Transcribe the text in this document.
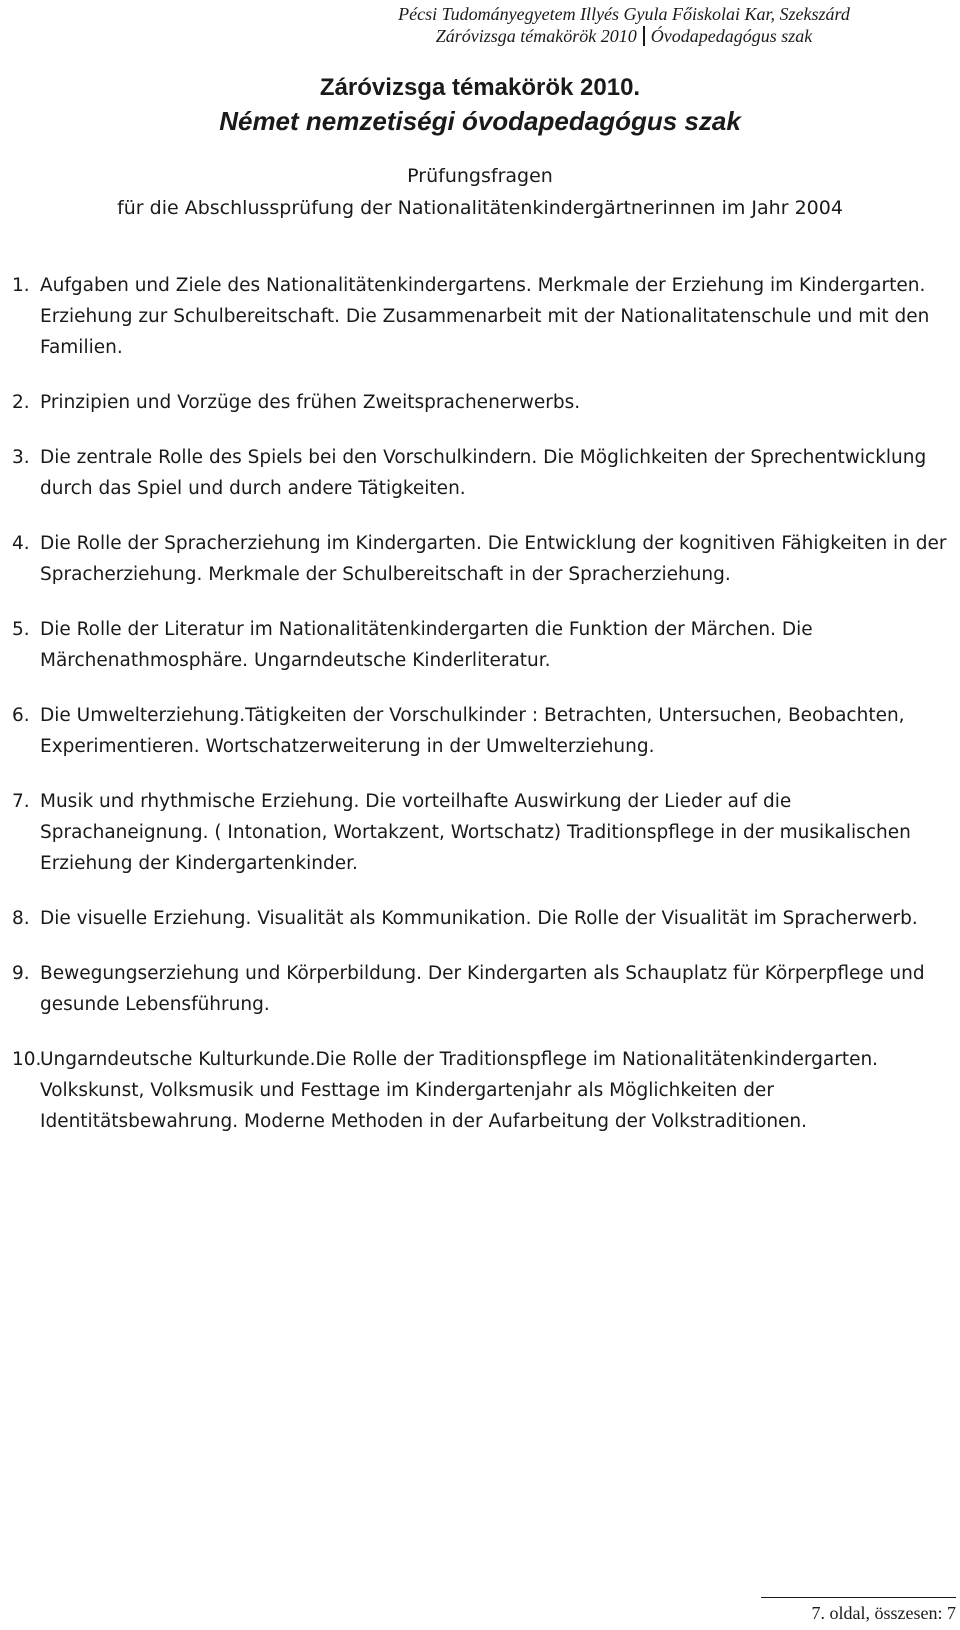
Pécsi Tudományegyetem Illyés Gyula Főiskolai Kar, Szekszárd
Záróvizsga témakörök 2010 Óvodapedagógus szak
Záróvizsga témakörök 2010.
Német nemzetiségi óvodapedagógus szak
Prüfungsfragen
für die Abschlussprüfung der Nationalitätenkindergärtnerinnen im Jahr 2004
1. Aufgaben und Ziele des Nationalitätenkindergartens. Merkmale der Erziehung im Kindergarten. Erziehung zur Schulbereitschaft. Die Zusammenarbeit mit der Nationalitatenschule und mit den Familien.
2. Prinzipien und Vorzüge des frühen Zweitsprachenerwerbs.
3. Die zentrale Rolle des Spiels bei den Vorschulkindern. Die Möglichkeiten der Sprechentwicklung durch das Spiel und durch andere Tätigkeiten.
4. Die Rolle der Spracherziehung im Kindergarten. Die Entwicklung der kognitiven Fähigkeiten in der Spracherziehung. Merkmale der Schulbereitschaft in der Spracherziehung.
5. Die Rolle der Literatur im Nationalitätenkindergarten die Funktion der Märchen. Die Märchenathmosphäre. Ungarndeutsche Kinderliteratur.
6. Die Umwelterziehung.Tätigkeiten der Vorschulkinder : Betrachten, Untersuchen, Beobachten, Experimentieren. Wortschatzerweiterung in der Umwelterziehung.
7. Musik und rhythmische Erziehung. Die vorteilhafte Auswirkung der Lieder auf die Sprachaneignung. ( Intonation, Wortakzent, Wortschatz) Traditionspflege in der musikalischen Erziehung der Kindergartenkinder.
8. Die visuelle Erziehung. Visualität als Kommunikation. Die Rolle der Visualität im Spracherwerb.
9. Bewegungserziehung und Körperbildung. Der Kindergarten als Schauplatz für Körperpflege und gesunde Lebensführung.
10.
Ungarndeutsche Kulturkunde.Die Rolle der Traditionspflege im Nationalitätenkindergarten. Volkskunst, Volksmusik und Festtage im Kindergartenjahr als Möglichkeiten der Identitätsbewahrung. Moderne Methoden in der Aufarbeitung der Volkstraditionen.
7. oldal, összesen: 7
